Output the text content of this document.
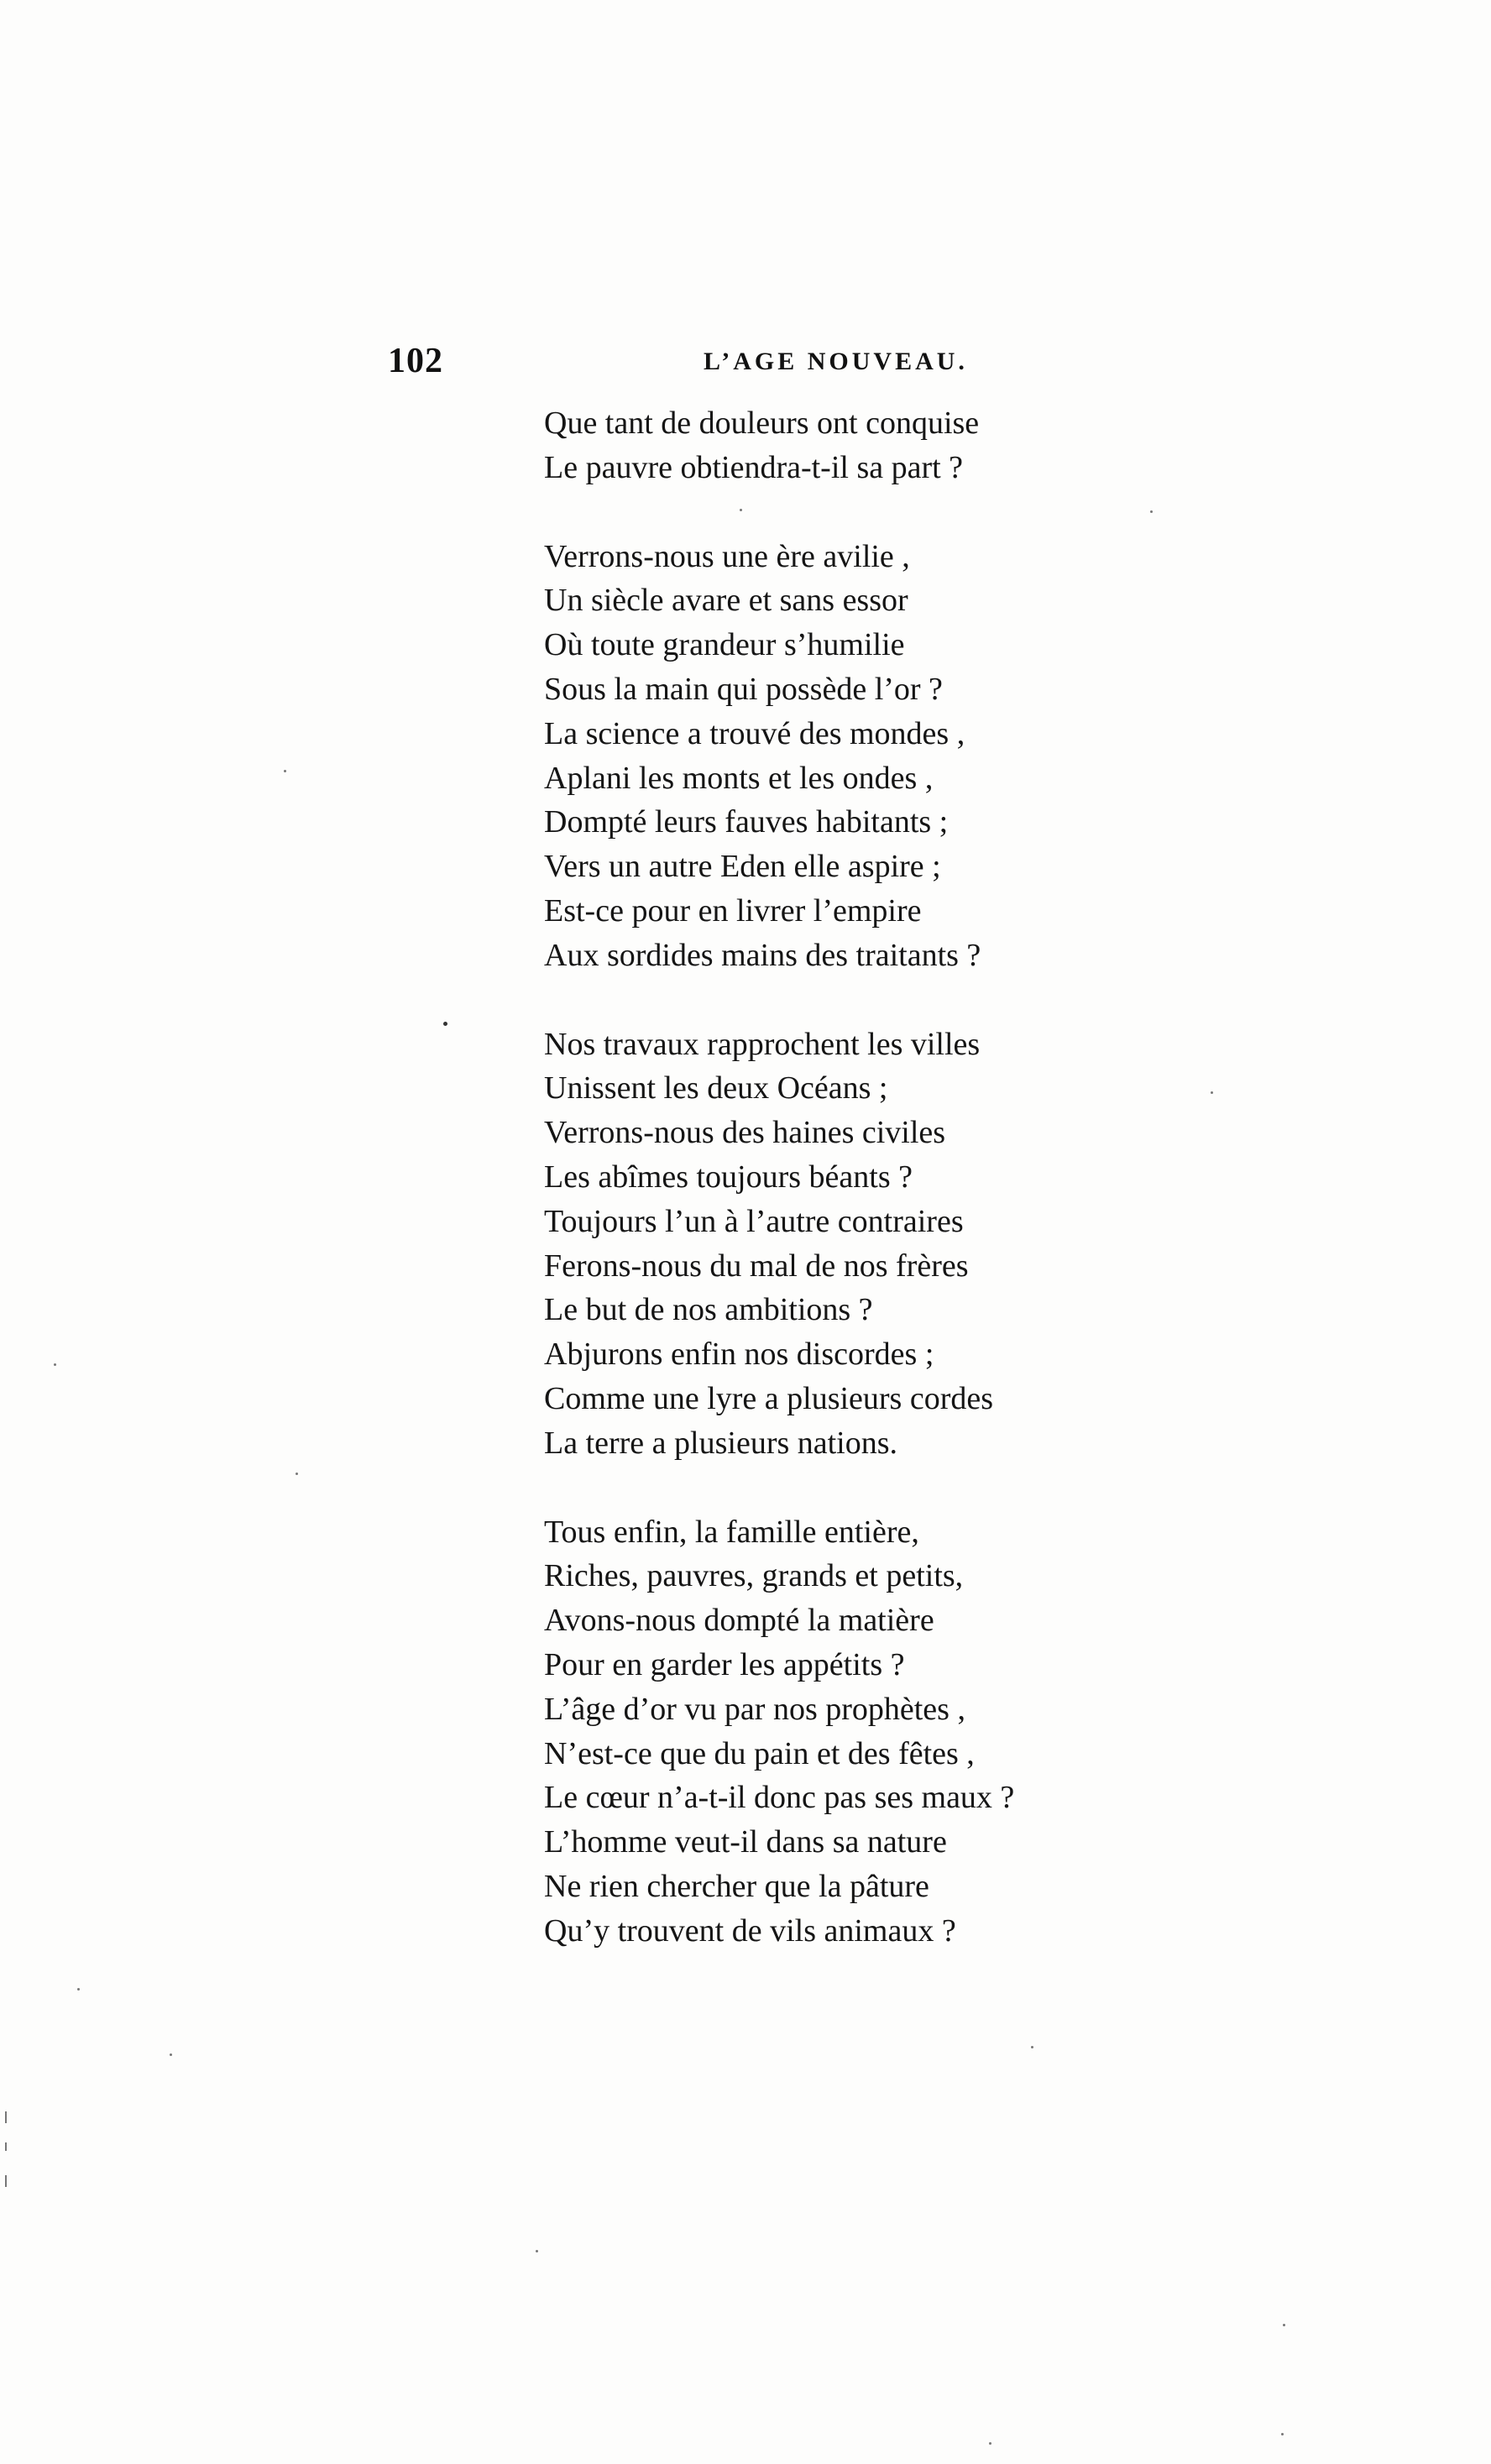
102	L’AGE NOUVEAU.
Que tant de douleurs ont conquise
Le pauvre obtiendra-t-il sa part ?
Verrons-nous une ère avilie ,
Un siècle avare et sans essor
Où toute grandeur s’humilie
Sous la main qui possède l’or ?
La science a trouvé des mondes ,
Aplani les monts et les ondes ,
Dompté leurs fauves habitants ;
Vers un autre Eden elle aspire ;
Est-ce pour en livrer l’empire
Aux sordides mains des traitants ?
Nos travaux rapprochent les villes
Unissent les deux Océans ;
Verrons-nous des haines civiles
Les abîmes toujours béants ?
Toujours l’un à l’autre contraires
Ferons-nous du mal de nos frères
Le but de nos ambitions ?
Abjurons enfin nos discordes ;
Comme une lyre a plusieurs cordes
La terre a plusieurs nations.
Tous enfin, la famille entière,
Riches, pauvres, grands et petits,
Avons-nous dompté la matière
Pour en garder les appétits ?
L’âge d’or vu par nos prophètes ,
N’est-ce que du pain et des fêtes ,
Le cœur n’a-t-il donc pas ses maux ?
L’homme veut-il dans sa nature
Ne rien chercher que la pâture
Qu’y trouvent de vils animaux ?
